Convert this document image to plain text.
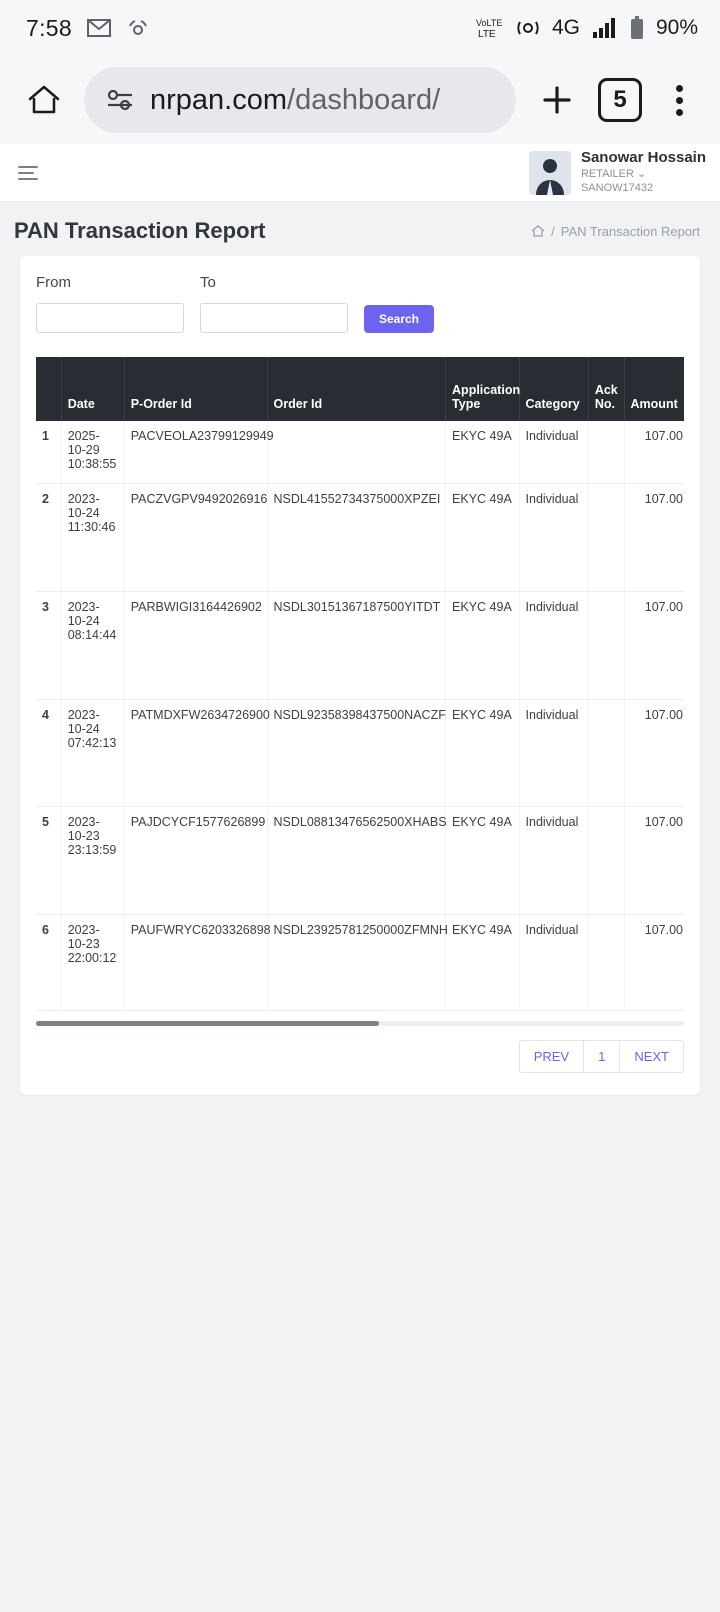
7:58	VoLTE
LTE	4G	90%
nrpan.com/dashboard/	5
Sanowar Hossain
RETAILER ⌄
SANOW17432
PAN Transaction Report	/ PAN Transaction Report
From	To
Search
	Date	P-Order Id	Order Id	Application Type	Category	Ack No.	Amount
1	2025-10-29 10:38:55	PACVEOLA23799129949		EKYC 49A	Individual		107.00
2	2023-10-24 11:30:46	PACZVGPV9492026916	NSDL41552734375000XPZEI	EKYC 49A	Individual		107.00
3	2023-10-24 08:14:44	PARBWIGI3164426902	NSDL30151367187500YITDT	EKYC 49A	Individual		107.00
4	2023-10-24 07:42:13	PATMDXFW2634726900	NSDL92358398437500NACZF	EKYC 49A	Individual		107.00
5	2023-10-23 23:13:59	PAJDCYCF1577626899	NSDL08813476562500XHABS	EKYC 49A	Individual		107.00
6	2023-10-23 22:00:12	PAUFWRYC6203326898	NSDL23925781250000ZFMNH	EKYC 49A	Individual		107.00
PREV	1	NEXT
